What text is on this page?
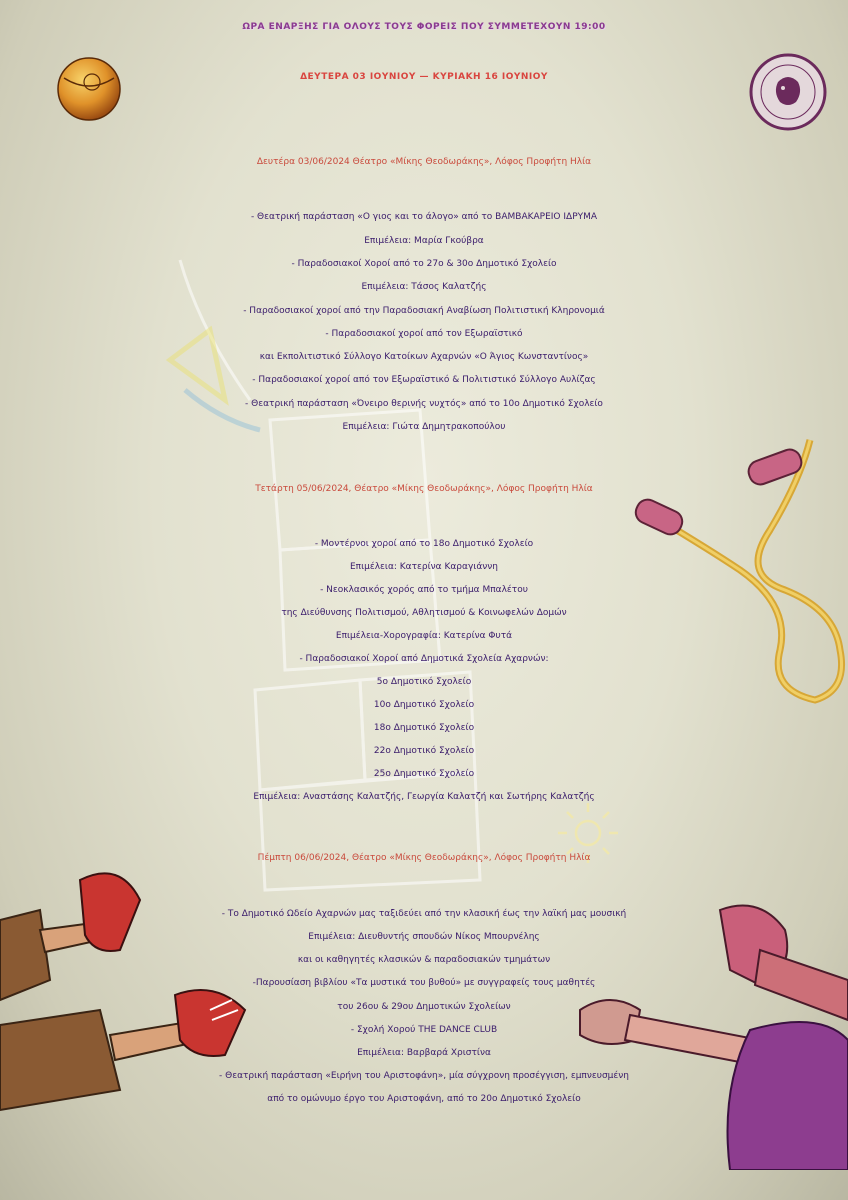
ΩΡΑ ΕΝΑΡΞΗΣ ΓΙΑ ΟΛΟΥΣ ΤΟΥΣ ΦΟΡΕΙΣ ΠΟΥ ΣΥΜΜΕΤΕΧΟΥΝ 19:00
ΔΕΥΤΕΡΑ 03 ΙΟΥΝΙΟΥ — ΚΥΡΙΑΚΗ 16 ΙΟΥΝΙΟΥ
Δευτέρα 03/06/2024 Θέατρο «Μίκης Θεοδωράκης», Λόφος Προφήτη Ηλία
- Θεατρική παράσταση «Ο γιος και το άλογο» από το ΒΑΜΒΑΚΑΡΕΙΟ ΙΔΡΥΜΑ
Επιμέλεια: Μαρία Γκούβρα
- Παραδοσιακοί Χοροί από το 27ο & 30ο Δημοτικό Σχολείο
Επιμέλεια: Τάσος Καλατζής
- Παραδοσιακοί χοροί από την Παραδοσιακή Αναβίωση Πολιτιστική Κληρονομιά
- Παραδοσιακοί χοροί από τον Εξωραϊστικό
και Εκπολιτιστικό Σύλλογο Κατοίκων Αχαρνών «Ο Άγιος Κωνσταντίνος»
- Παραδοσιακοί χοροί από τον Εξωραϊστικό & Πολιτιστικό Σύλλογο Αυλίζας
- Θεατρική παράσταση «Όνειρο θερινής νυχτός» από το 10ο Δημοτικό Σχολείο
Επιμέλεια: Γιώτα Δημητρακοπούλου
Τετάρτη 05/06/2024, Θέατρο «Μίκης Θεοδωράκης», Λόφος Προφήτη Ηλία
- Μοντέρνοι χοροί από το 18ο Δημοτικό Σχολείο
Επιμέλεια: Κατερίνα Καραγιάννη
- Νεοκλασικός χορός από το τμήμα Μπαλέτου
της Διεύθυνσης Πολιτισμού, Αθλητισμού & Κοινωφελών Δομών
Επιμέλεια-Χορογραφία: Κατερίνα Φυτά
- Παραδοσιακοί Χοροί από Δημοτικά Σχολεία Αχαρνών:
5ο Δημοτικό Σχολείο
10ο Δημοτικό Σχολείο
18ο Δημοτικό Σχολείο
22ο Δημοτικό Σχολείο
25ο Δημοτικό Σχολείο
Επιμέλεια: Αναστάσης Καλατζής, Γεωργία Καλατζή και Σωτήρης Καλατζής
Πέμπτη 06/06/2024, Θέατρο «Μίκης Θεοδωράκης», Λόφος Προφήτη Ηλία
- Το Δημοτικό Ωδείο Αχαρνών μας ταξιδεύει από την κλασική έως την λαϊκή μας μουσική
Επιμέλεια: Διευθυντής σπουδών Νίκος Μπουρνέλης
και οι καθηγητές κλασικών & παραδοσιακών τμημάτων
-Παρουσίαση βιβλίου «Τα μυστικά του βυθού» με συγγραφείς τους μαθητές
του 26ου & 29ου Δημοτικών Σχολείων
- Σχολή Χορού THE DANCE CLUB
Επιμέλεια: Βαρβαρά Χριστίνα
- Θεατρική παράσταση «Ειρήνη του Αριστοφάνη», μία σύγχρονη προσέγγιση, εμπνευσμένη
από το ομώνυμο έργο του Αριστοφάνη, από το 20ο Δημοτικό Σχολείο
